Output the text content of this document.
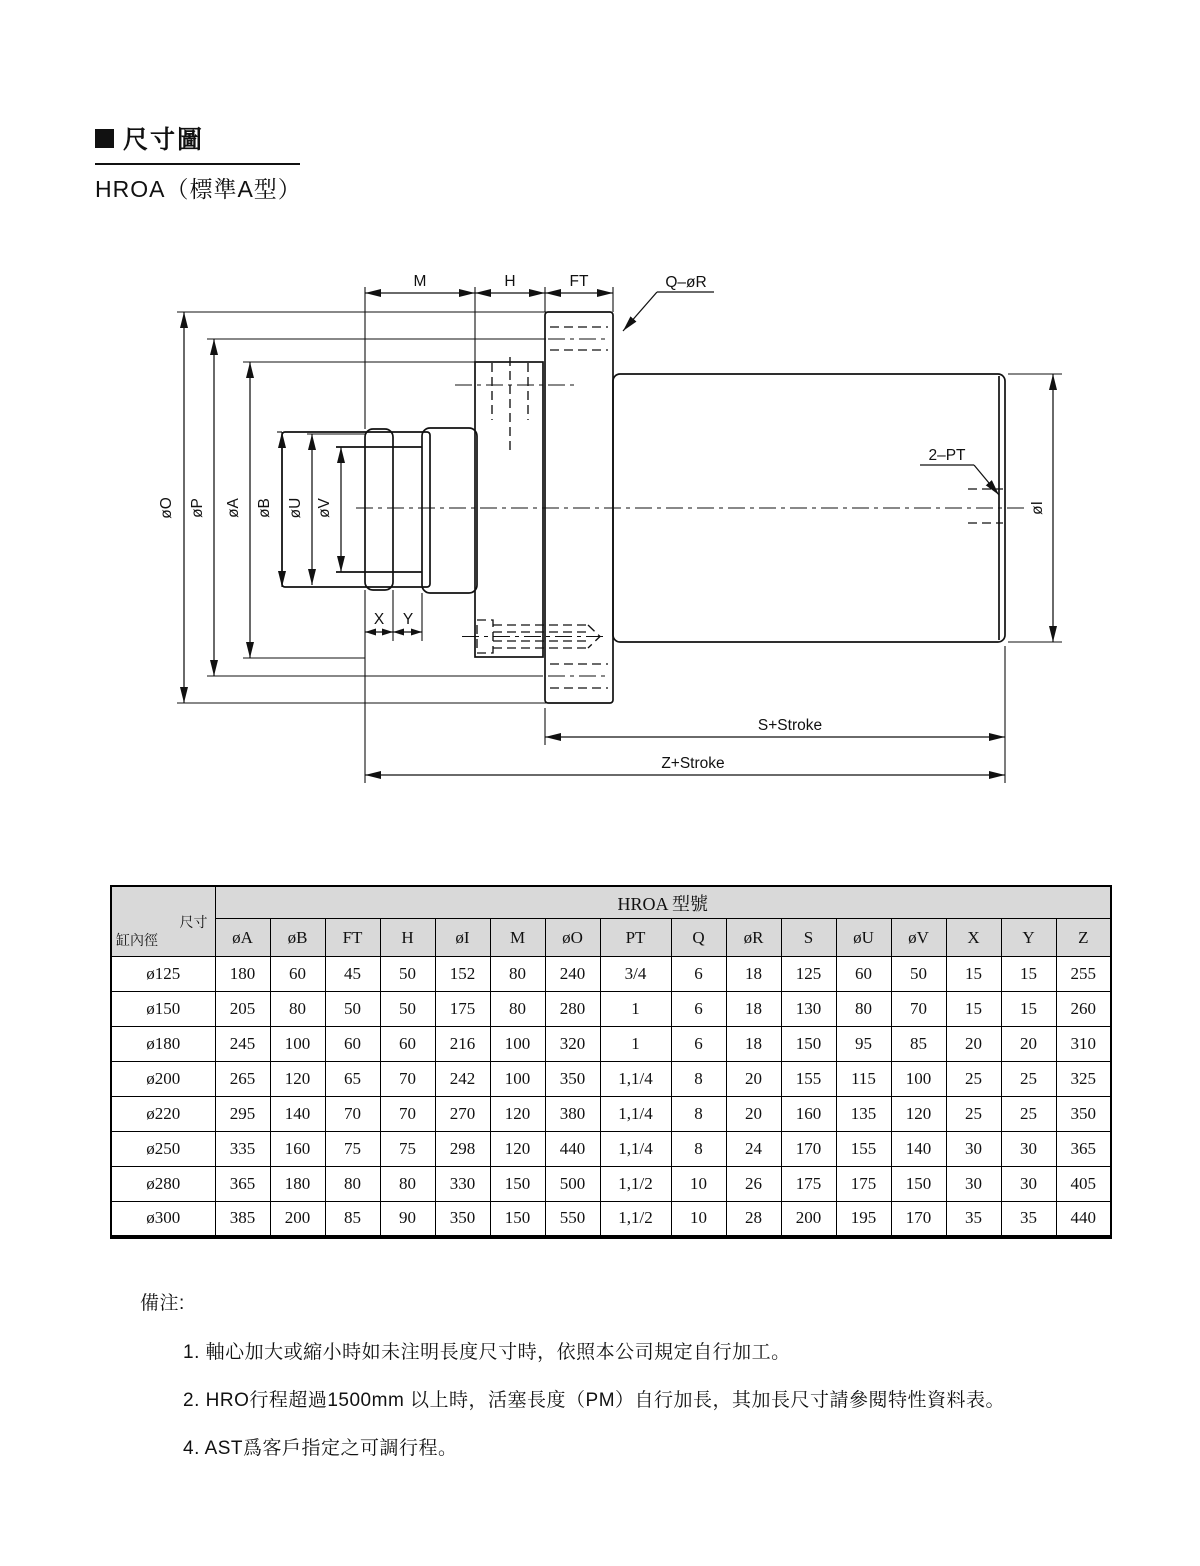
尺寸圖
HROA（標準A型）
M	H	FT
øO øP øA øB øU øV	øI
X Y
S+Stroke
Z+Stroke
Q–øR
2–PT
尺寸
缸內徑	HROA 型號															
	øA	øB	FT	H	øI	M	øO	PT	Q	øR	S	øU	øV	X	Y	Z
ø125	180	60	45	50	152	80	240	3/4	6	18	125	60	50	15	15	255
ø150	205	80	50	50	175	80	280	1	6	18	130	80	70	15	15	260
ø180	245	100	60	60	216	100	320	1	6	18	150	95	85	20	20	310
ø200	265	120	65	70	242	100	350	1,1/4	8	20	155	115	100	25	25	325
ø220	295	140	70	70	270	120	380	1,1/4	8	20	160	135	120	25	25	350
ø250	335	160	75	75	298	120	440	1,1/4	8	24	170	155	140	30	30	365
ø280	365	180	80	80	330	150	500	1,1/2	10	26	175	175	150	30	30	405
ø300	385	200	85	90	350	150	550	1,1/2	10	28	200	195	170	35	35	440
備注:
1. 軸心加大或縮小時如未注明長度尺寸時，依照本公司規定自行加工。
2. HRO行程超過1500mm 以上時，活塞長度（PM）自行加長，其加長尺寸請參閱特性資料表。
4. AST爲客戶指定之可調行程。
